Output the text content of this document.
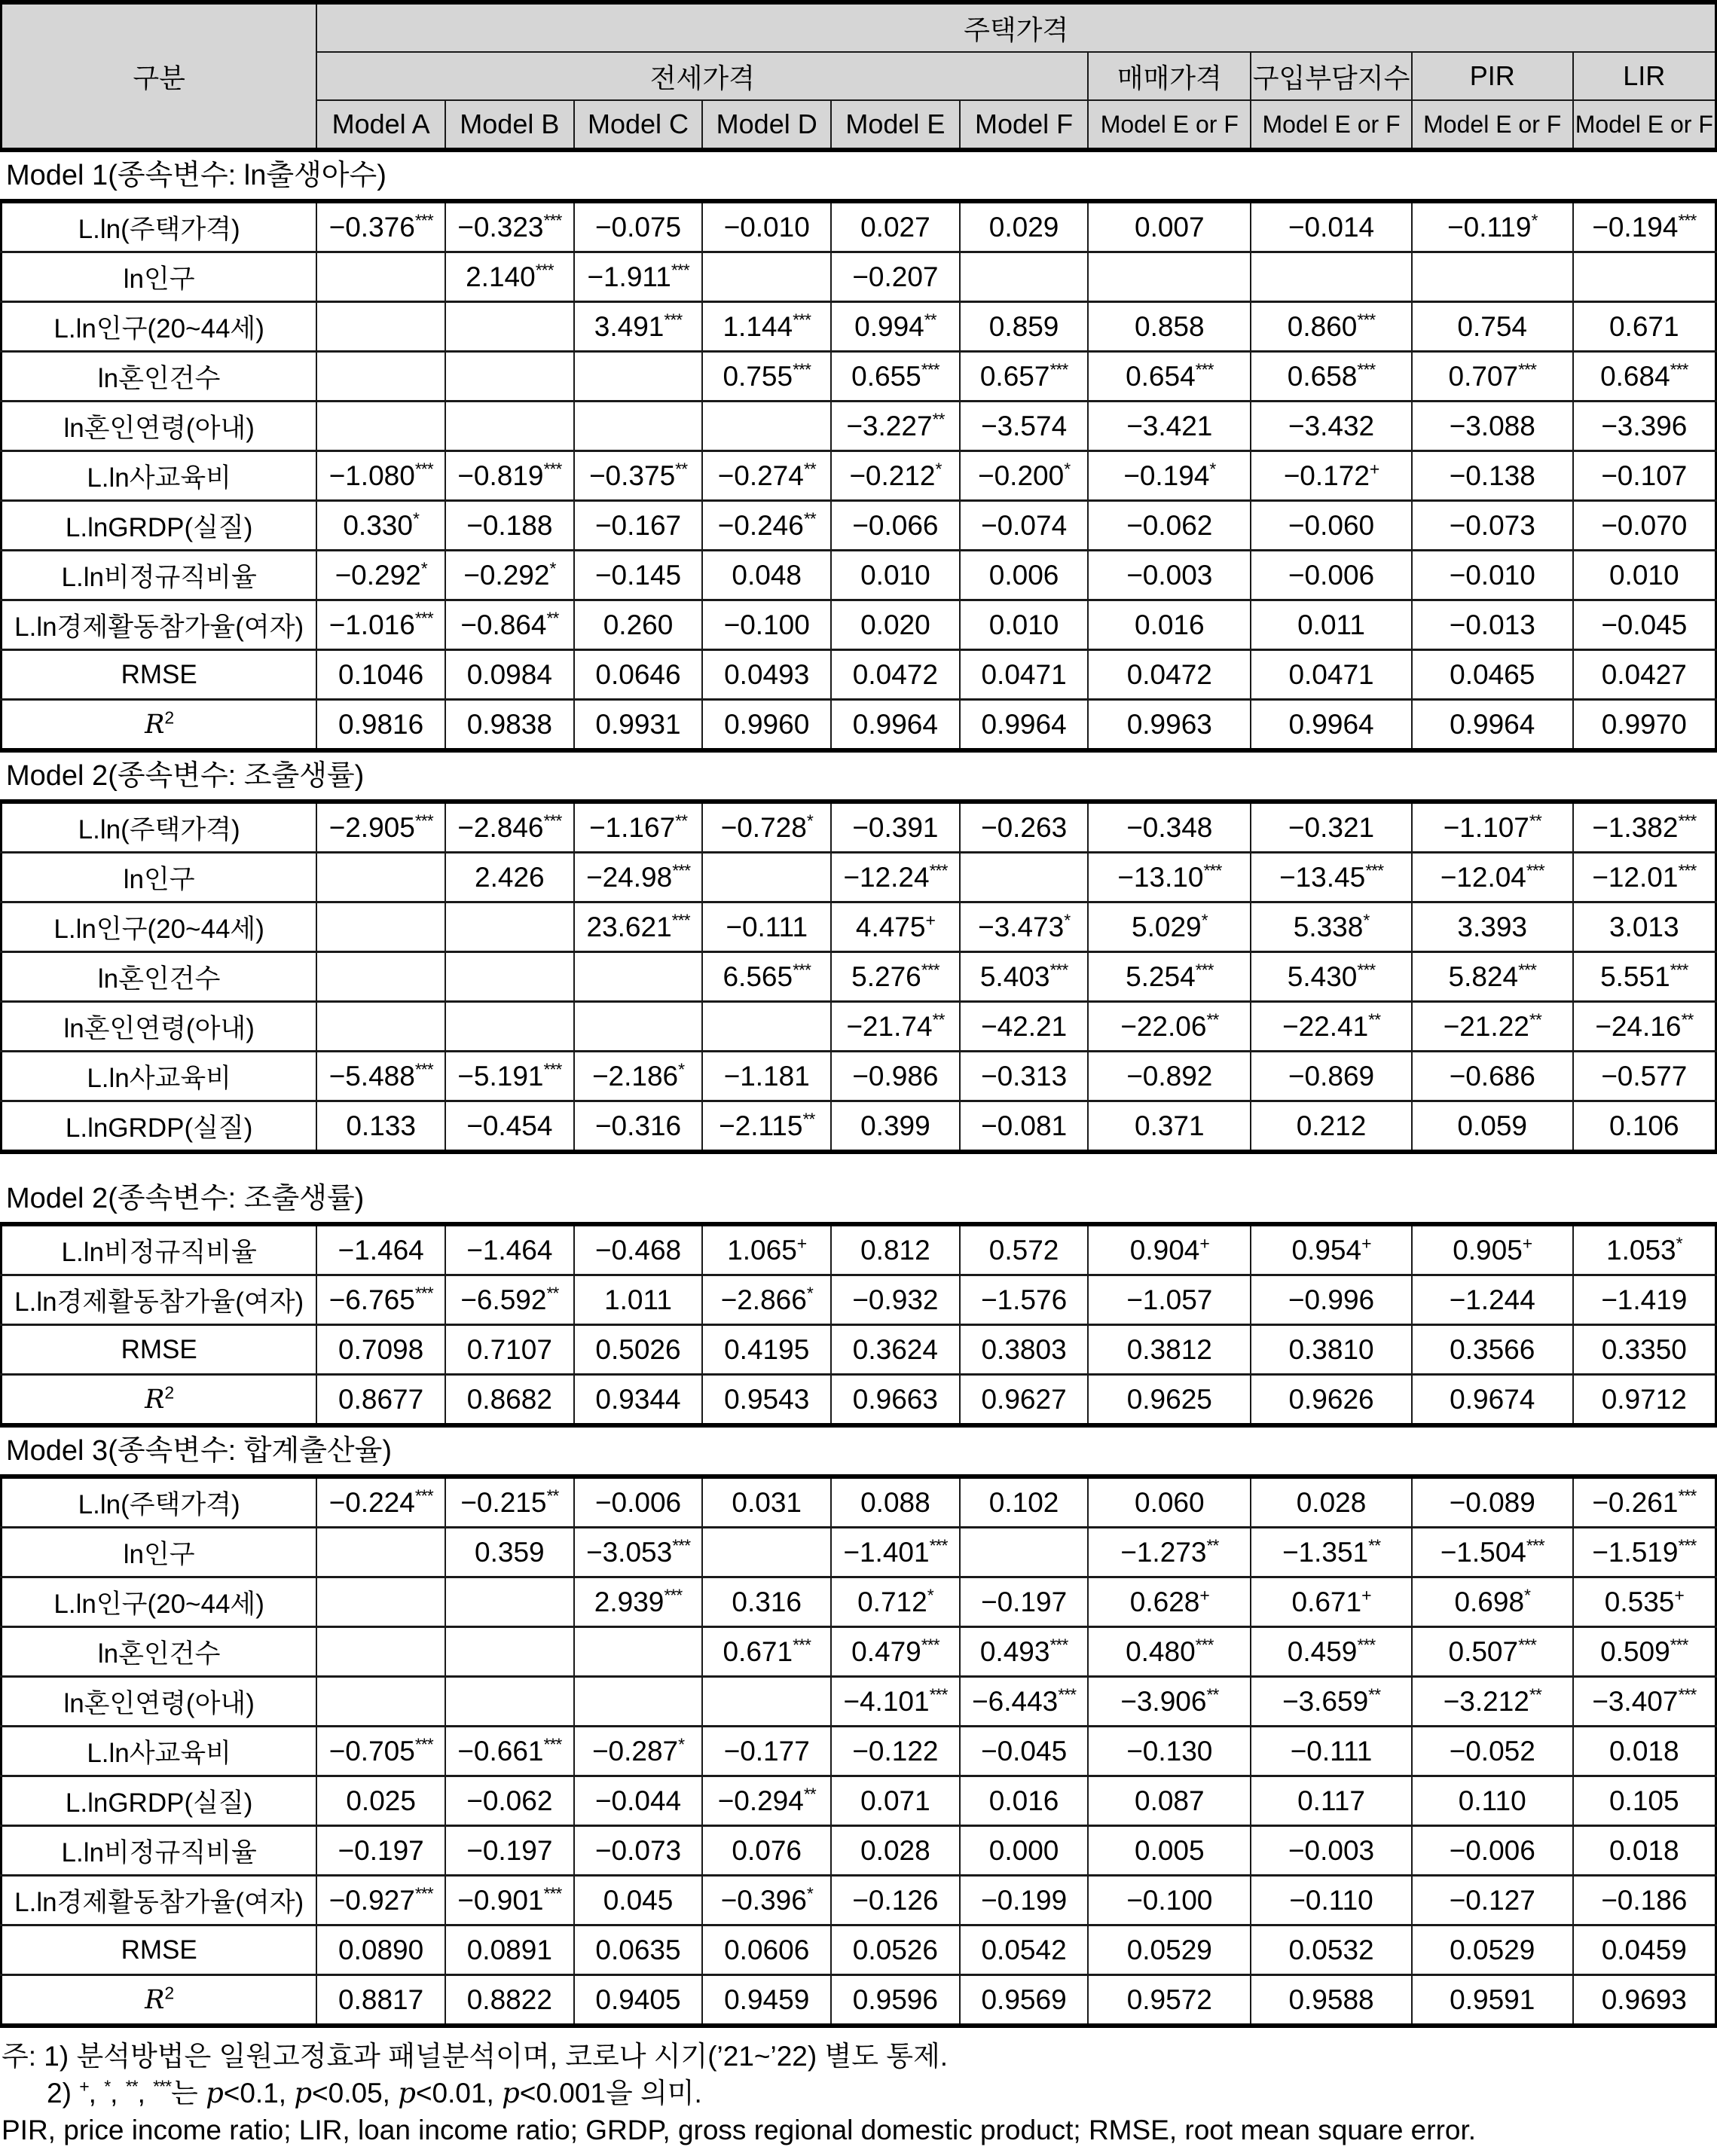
구분	주택가격									
	전세가격						매매가격	구입부담지수	PIR	LIR
	Model A	Model B	Model C	Model D	Model E	Model F	Model E or F	Model E or F	Model E or F	Model E or F
Model 1(종속변수: ln출생아수)
L.ln(주택가격)	−0.376***	−0.323***	−0.075	−0.010	0.027	0.029	0.007	−0.014	−0.119*	−0.194***
ln인구		2.140***	−1.911***		−0.207					
L.ln인구(20~44세)			3.491***	1.144***	0.994**	0.859	0.858	0.860***	0.754	0.671
ln혼인건수				0.755***	0.655***	0.657***	0.654***	0.658***	0.707***	0.684***
ln혼인연령(아내)					−3.227**	−3.574	−3.421	−3.432	−3.088	−3.396
L.ln사교육비	−1.080***	−0.819***	−0.375**	−0.274**	−0.212*	−0.200*	−0.194*	−0.172+	−0.138	−0.107
L.lnGRDP(실질)	0.330*	−0.188	−0.167	−0.246**	−0.066	−0.074	−0.062	−0.060	−0.073	−0.070
L.ln비정규직비율	−0.292*	−0.292*	−0.145	0.048	0.010	0.006	−0.003	−0.006	−0.010	0.010
L.ln경제활동참가율(여자)	−1.016***	−0.864**	0.260	−0.100	0.020	0.010	0.016	0.011	−0.013	−0.045
RMSE	0.1046	0.0984	0.0646	0.0493	0.0472	0.0471	0.0472	0.0471	0.0465	0.0427
$R^2$	0.9816	0.9838	0.9931	0.9960	0.9964	0.9964	0.9963	0.9964	0.9964	0.9970
Model 2(종속변수: 조출생률)
L.ln(주택가격)	−2.905***	−2.846***	−1.167**	−0.728*	−0.391	−0.263	−0.348	−0.321	−1.107**	−1.382***
ln인구		2.426	−24.98***		−12.24***		−13.10***	−13.45***	−12.04***	−12.01***
L.ln인구(20~44세)			23.621***	−0.111	4.475+	−3.473*	5.029*	5.338*	3.393	3.013
ln혼인건수				6.565***	5.276***	5.403***	5.254***	5.430***	5.824***	5.551***
ln혼인연령(아내)					−21.74**	−42.21	−22.06**	−22.41**	−21.22**	−24.16**
L.ln사교육비	−5.488***	−5.191***	−2.186*	−1.181	−0.986	−0.313	−0.892	−0.869	−0.686	−0.577
L.lnGRDP(실질)	0.133	−0.454	−0.316	−2.115**	0.399	−0.081	0.371	0.212	0.059	0.106
Model 2(종속변수: 조출생률)
L.ln비정규직비율	−1.464	−1.464	−0.468	1.065+	0.812	0.572	0.904+	0.954+	0.905+	1.053*
L.ln경제활동참가율(여자)	−6.765***	−6.592**	1.011	−2.866*	−0.932	−1.576	−1.057	−0.996	−1.244	−1.419
RMSE	0.7098	0.7107	0.5026	0.4195	0.3624	0.3803	0.3812	0.3810	0.3566	0.3350
$R^2$	0.8677	0.8682	0.9344	0.9543	0.9663	0.9627	0.9625	0.9626	0.9674	0.9712
Model 3(종속변수: 합계출산율)
L.ln(주택가격)	−0.224***	−0.215**	−0.006	0.031	0.088	0.102	0.060	0.028	−0.089	−0.261***
ln인구		0.359	−3.053***		−1.401***		−1.273**	−1.351**	−1.504***	−1.519***
L.ln인구(20~44세)			2.939***	0.316	0.712*	−0.197	0.628+	0.671+	0.698*	0.535+
ln혼인건수				0.671***	0.479***	0.493***	0.480***	0.459***	0.507***	0.509***
ln혼인연령(아내)					−4.101***	−6.443***	−3.906**	−3.659**	−3.212**	−3.407***
L.ln사교육비	−0.705***	−0.661***	−0.287*	−0.177	−0.122	−0.045	−0.130	−0.111	−0.052	0.018
L.lnGRDP(실질)	0.025	−0.062	−0.044	−0.294**	0.071	0.016	0.087	0.117	0.110	0.105
L.ln비정규직비율	−0.197	−0.197	−0.073	0.076	0.028	0.000	0.005	−0.003	−0.006	0.018
L.ln경제활동참가율(여자)	−0.927***	−0.901***	0.045	−0.396*	−0.126	−0.199	−0.100	−0.110	−0.127	−0.186
RMSE	0.0890	0.0891	0.0635	0.0606	0.0526	0.0542	0.0529	0.0532	0.0529	0.0459
$R^2$	0.8817	0.8822	0.9405	0.9459	0.9596	0.9569	0.9572	0.9588	0.9591	0.9693
주: 1) 분석방법은 일원고정효과 패널분석이며, 코로나 시기(’21~’22) 별도 통제.
2) +, *, **, ***는 p<0.1, p<0.05, p<0.01, p<0.001을 의미.
PIR, price income ratio; LIR, loan income ratio; GRDP, gross regional domestic product; RMSE, root mean square error.
